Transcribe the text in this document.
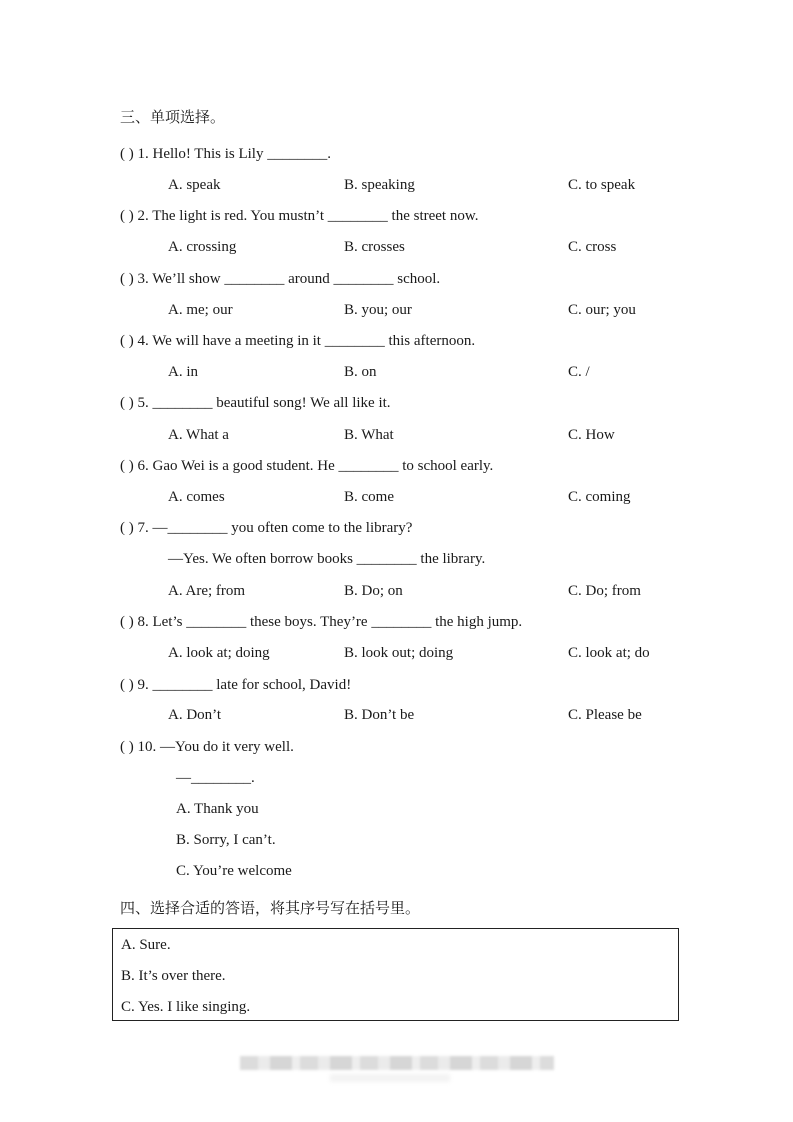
三、单项选择。
( ) 1. Hello! This is Lily ________.
A. speak	B. speaking	C. to speak
( ) 2. The light is red. You mustn’t ________ the street now.
A. crossing	B. crosses	C. cross
( ) 3. We’ll show ________ around ________ school.
A. me; our	B. you; our	C. our; you
( ) 4. We will have a meeting in it ________ this afternoon.
A. in	B. on	C. /
( ) 5. ________ beautiful song! We all like it.
A. What a	B. What	C. How
( ) 6. Gao Wei is a good student. He ________ to school early.
A. comes	B. come	C. coming
( ) 7. —________ you often come to the library?
—Yes. We often borrow books ________ the library.
A. Are; from	B. Do; on	C. Do; from
( ) 8. Let’s ________ these boys. They’re ________ the high jump.
A. look at; doing	B. look out; doing	C. look at; do
( ) 9. ________ late for school, David!
A. Don’t	B. Don’t be	C. Please be
( ) 10. —You do it very well.
—________.
A. Thank you
B. Sorry, I can’t.
C. You’re welcome
四、选择合适的答语，将其序号写在括号里。
A. Sure.
B. It’s over there.
C. Yes. I like singing.
